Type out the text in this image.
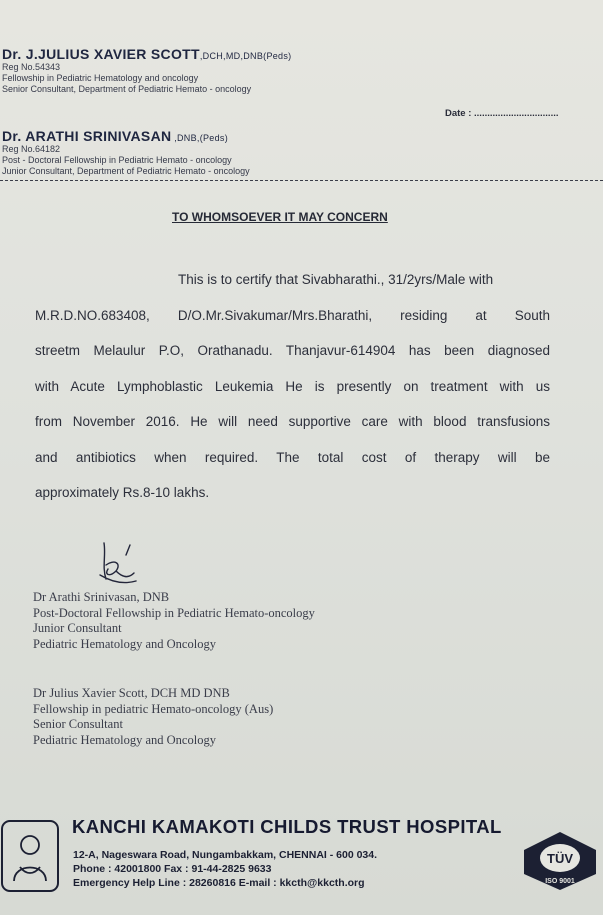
Dr. J.JULIUS XAVIER SCOTT,DCH,MD,DNB(Peds)
Reg No.54343
Fellowship in Pediatric Hematology and oncology
Senior Consultant, Department of Pediatric Hemato - oncology
Date : ................................
Dr. ARATHI SRINIVASAN ,DNB,(Peds)
Reg No.64182
Post - Doctoral Fellowship in Pediatric Hemato - oncology
Junior Consultant, Department of Pediatric Hemato - oncology
TO WHOMSOEVER IT MAY CONCERN
This is to certify that Sivabharathi., 31/2yrs/Male with
M.R.D.NO.683408, D/O.Mr.Sivakumar/Mrs.Bharathi, residing at South
streetm Melaulur P.O, Orathanadu. Thanjavur-614904 has been diagnosed
with Acute Lymphoblastic Leukemia He is presently on treatment with us
from November 2016. He will need supportive care with blood transfusions
and antibiotics when required. The total cost of therapy will be
approximately Rs.8-10 lakhs.
Dr Arathi Srinivasan, DNB
Post-Doctoral Fellowship in Pediatric Hemato-oncology
Junior Consultant
Pediatric Hematology and Oncology
Dr Julius Xavier Scott, DCH MD DNB
Fellowship in pediatric Hemato-oncology (Aus)
Senior Consultant
Pediatric Hematology and Oncology
KANCHI KAMAKOTI CHILDS TRUST HOSPITAL
12-A, Nageswara Road, Nungambakkam, CHENNAI - 600 034.
Phone : 42001800 Fax : 91-44-2825 9633
Emergency Help Line : 28260816 E-mail : kkcth@kkcth.org
TÜV
ISO 9001
